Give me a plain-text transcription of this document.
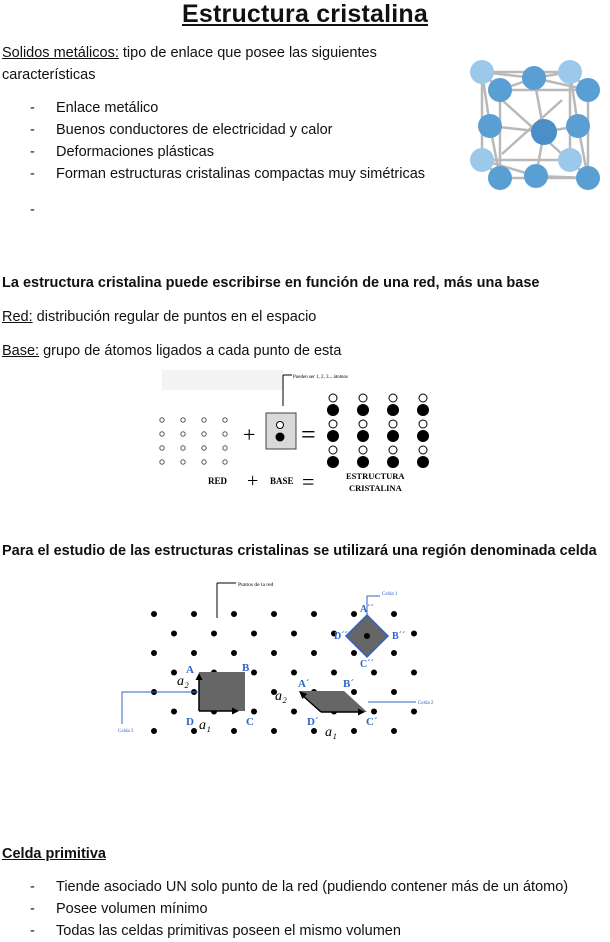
Estructura cristalina
Solidos metálicos: tipo de enlace que posee las siguientes
características
- Enlace metálico
- Buenos conductores de electricidad y calor
- Deformaciones plásticas
- Forman estructuras cristalinas compactas muy simétricas
-
La estructura cristalina puede escribirse en función de una red, más una base
Red: distribución regular de puntos en el espacio
Base: grupo de átomos ligados a cada punto de esta
Pueden ser 1, 2, 3... átomos
+ =
RED + BASE =	ESTRUCTURA
CRISTALINA
Para el estudio de las estructuras cristalinas se utilizará una región denominada celda
Puntos de la red
A	B
C
D
a₂
a₁
A´	B´
C´
D´
a₂
a₁
A´´
B´´
C´´
D´´
Celda 1
Celda 2
Celda 3
Celda primitiva
- Tiende asociado UN solo punto de la red (pudiendo contener más de un átomo)
- Posee volumen mínimo
- Todas las celdas primitivas poseen el mismo volumen
